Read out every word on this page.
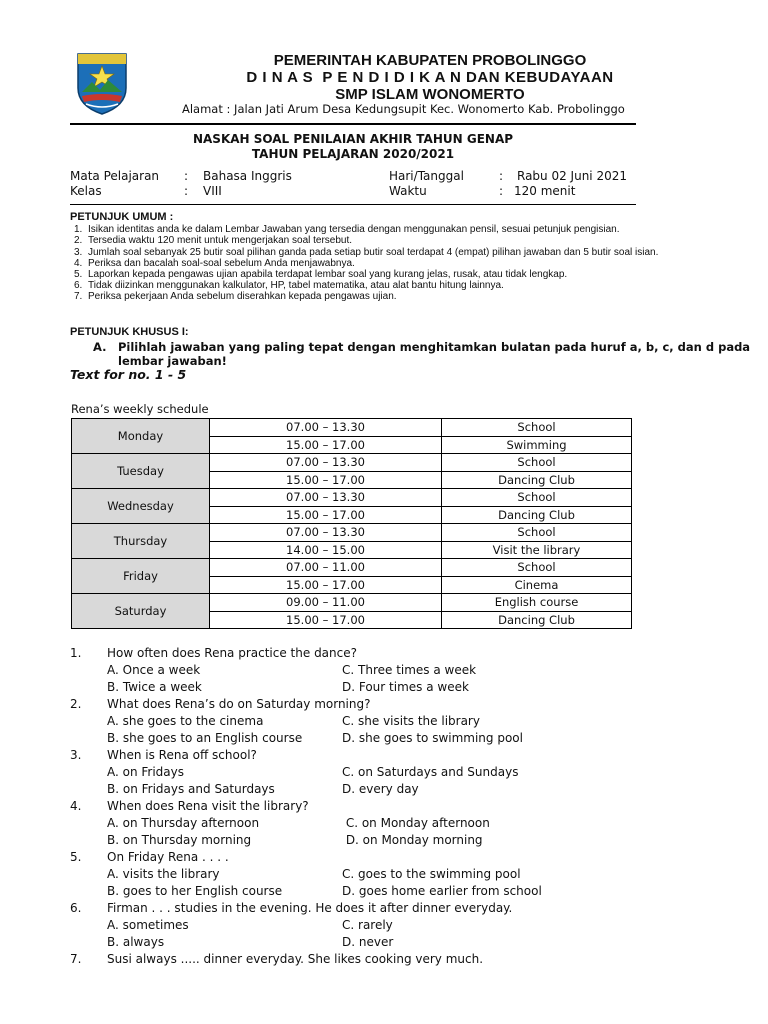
PEMERINTAH KABUPATEN PROBOLINGGO
D I N A S  P E N D I D I K A N DAN KEBUDAYAAN
SMP ISLAM WONOMERTO
Alamat : Jalan Jati Arum Desa Kedungsupit Kec. Wonomerto Kab. Probolinggo
NASKAH SOAL PENILAIAN AKHIR TAHUN GENAP
TAHUN PELAJARAN 2020/2021
Mata Pelajaran : Bahasa Inggris
Kelas	: VIII
Hari/Tanggal	: Rabu 02 Juni 2021
Waktu	: 120 menit
PETUNJUK UMUM :
1. Isikan identitas anda ke dalam Lembar Jawaban yang tersedia dengan menggunakan pensil, sesuai petunjuk pengisian.
2. Tersedia waktu 120 menit untuk mengerjakan soal tersebut.
3. Jumlah soal sebanyak 25 butir soal pilihan ganda pada setiap butir soal terdapat 4 (empat) pilihan jawaban dan 5 butir soal isian.
4. Periksa dan bacalah soal-soal sebelum Anda menjawabnya.
5. Laporkan kepada pengawas ujian apabila terdapat lembar soal yang kurang jelas, rusak, atau tidak lengkap.
6. Tidak diizinkan menggunakan kalkulator, HP, tabel matematika, atau alat bantu hitung lainnya.
7. Periksa pekerjaan Anda sebelum diserahkan kepada pengawas ujian.
PETUNJUK KHUSUS I:
A. Pilihlah jawaban yang paling tepat dengan menghitamkan bulatan pada huruf a, b, c, dan d pada
lembar jawaban!
Text for no. 1 - 5
Rena’s weekly schedule
Monday	07.00 – 13.30	School
	15.00 – 17.00	Swimming
Tuesday	07.00 – 13.30	School
	15.00 – 17.00	Dancing Club
Wednesday	07.00 – 13.30	School
	15.00 – 17.00	Dancing Club
Thursday	07.00 – 13.30	School
	14.00 – 15.00	Visit the library
Friday	07.00 – 11.00	School
	15.00 – 17.00	Cinema
Saturday	09.00 – 11.00	English course
	15.00 – 17.00	Dancing Club
1. How often does Rena practice the dance?
A. Once a week	C. Three times a week
B. Twice a week	D. Four times a week
2. What does Rena’s do on Saturday morning?
A. she goes to the cinema	C. she visits the library
B. she goes to an English course	D. she goes to swimming pool
3. When is Rena off school?
A. on Fridays	C. on Saturdays and Sundays
B. on Fridays and Saturdays	D. every day
4. When does Rena visit the library?
A. on Thursday afternoon	C. on Monday afternoon
B. on Thursday morning	D. on Monday morning
5. On Friday Rena . . . .
A. visits the library	C. goes to the swimming pool
B. goes to her English course	D. goes home earlier from school
6. Firman . . . studies in the evening. He does it after dinner everyday.
A. sometimes	C. rarely
B. always	D. never
7. Susi always ..... dinner everyday. She likes cooking very much.
